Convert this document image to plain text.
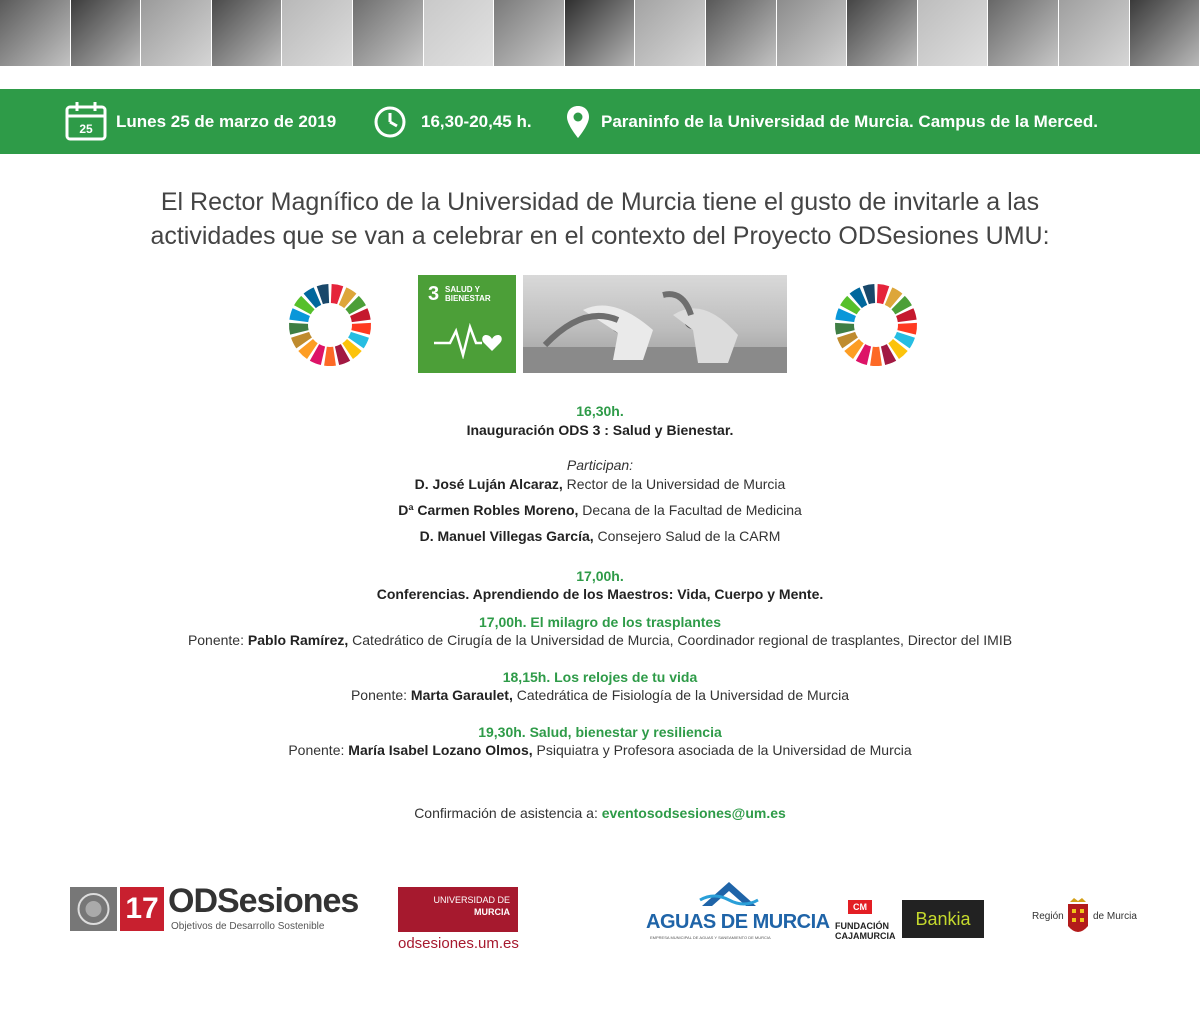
25 Lunes 25 de marzo de 2019	16,30-20,45 h.	Paraninfo de la Universidad de Murcia. Campus de la Merced.
El Rector Magnífico de la Universidad de Murcia tiene el gusto de invitarle a las
actividades que se van a celebrar en el contexto del Proyecto ODSesiones UMU:
3 SALUD Y BIENESTAR
16,30h.
Inauguración ODS 3 : Salud y Bienestar.
Participan:
D. José Luján Alcaraz, Rector de la Universidad de Murcia
Dª Carmen Robles Moreno, Decana de la Facultad de Medicina
D. Manuel Villegas García, Consejero Salud de la CARM
17,00h.
Conferencias. Aprendiendo de los Maestros: Vida, Cuerpo y Mente.
17,00h. El milagro de los trasplantes
Ponente: Pablo Ramírez, Catedrático de Cirugía de la Universidad de Murcia, Coordinador regional de trasplantes, Director del IMIB
18,15h. Los relojes de tu vida
Ponente: Marta Garaulet, Catedrática de Fisiología de la Universidad de Murcia
19,30h. Salud, bienestar y resiliencia
Ponente: María Isabel Lozano Olmos, Psiquiatra y Profesora asociada de la Universidad de Murcia
Confirmación de asistencia a: eventosodsesiones@um.es
17 ODSesiones
Objetivos de Desarrollo Sostenible
UNIVERSIDAD DE
MURCIA
odsesiones.um.es
AGUAS DE MURCIA
EMPRESA MUNICIPAL DE AGUAS Y SANEAMIENTO DE MURCIA
CM
FUNDACIÓN
CAJAMURCIA
Bankia	Región	de Murcia
